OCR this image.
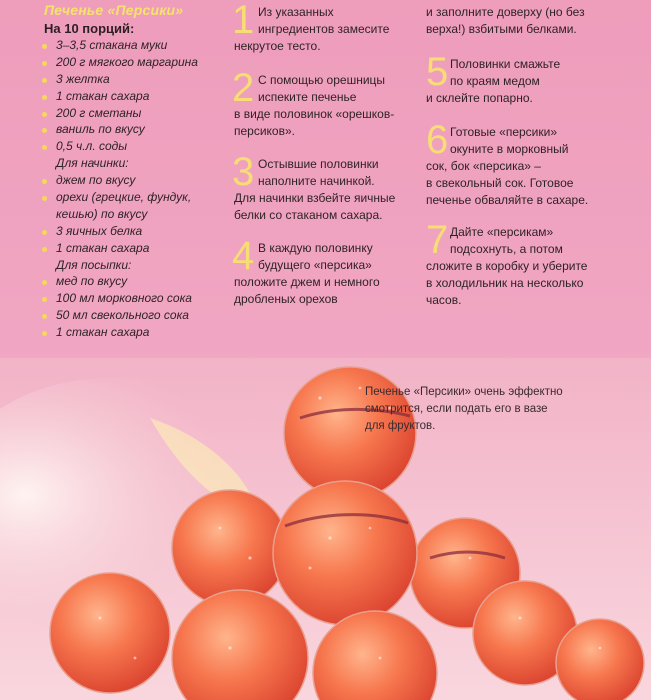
Печенье «Персики»
На 10 порций:
3–3,5 стакана муки
200 г мягкого маргарина
3 желтка
1 стакан сахара
200 г сметаны
ваниль по вкусу
0,5 ч.л. соды
Для начинки:
джем по вкусу
орехи (грецкие, фундук,
кешью) по вкусу
3 яичных белка
1 стакан сахара
Для посыпки:
мед по вкусу
100 мл морковного сока
50 мл свекольного сока
1 стакан сахара
1 Из указанных
ингредиентов замесите
некрутое тесто.

2 С помощью орешницы
испеките печенье
в виде половинок «орешков-
персиков».

3 Остывшие половинки
наполните начинкой.
Для начинки взбейте яичные
белки со стаканом сахара.

4 В каждую половинку
будущего «персика»
положите джем и немного
дробленых орехов

и заполните доверху (но без
верха!) взбитыми белками.

5 Половинки смажьте
по краям медом
и склейте попарно.

6 Готовые «персики»
окуните в морковный
сок, бок «персика» –
в свекольный сок. Готовое
печенье обваляйте в сахаре.

7 Дайте «персикам»
подсохнуть, а потом
сложите в коробку и уберите
в холодильник на несколько
часов.

Печенье «Персики» очень эффектно
смотрится, если подать его в вазе
для фруктов.
